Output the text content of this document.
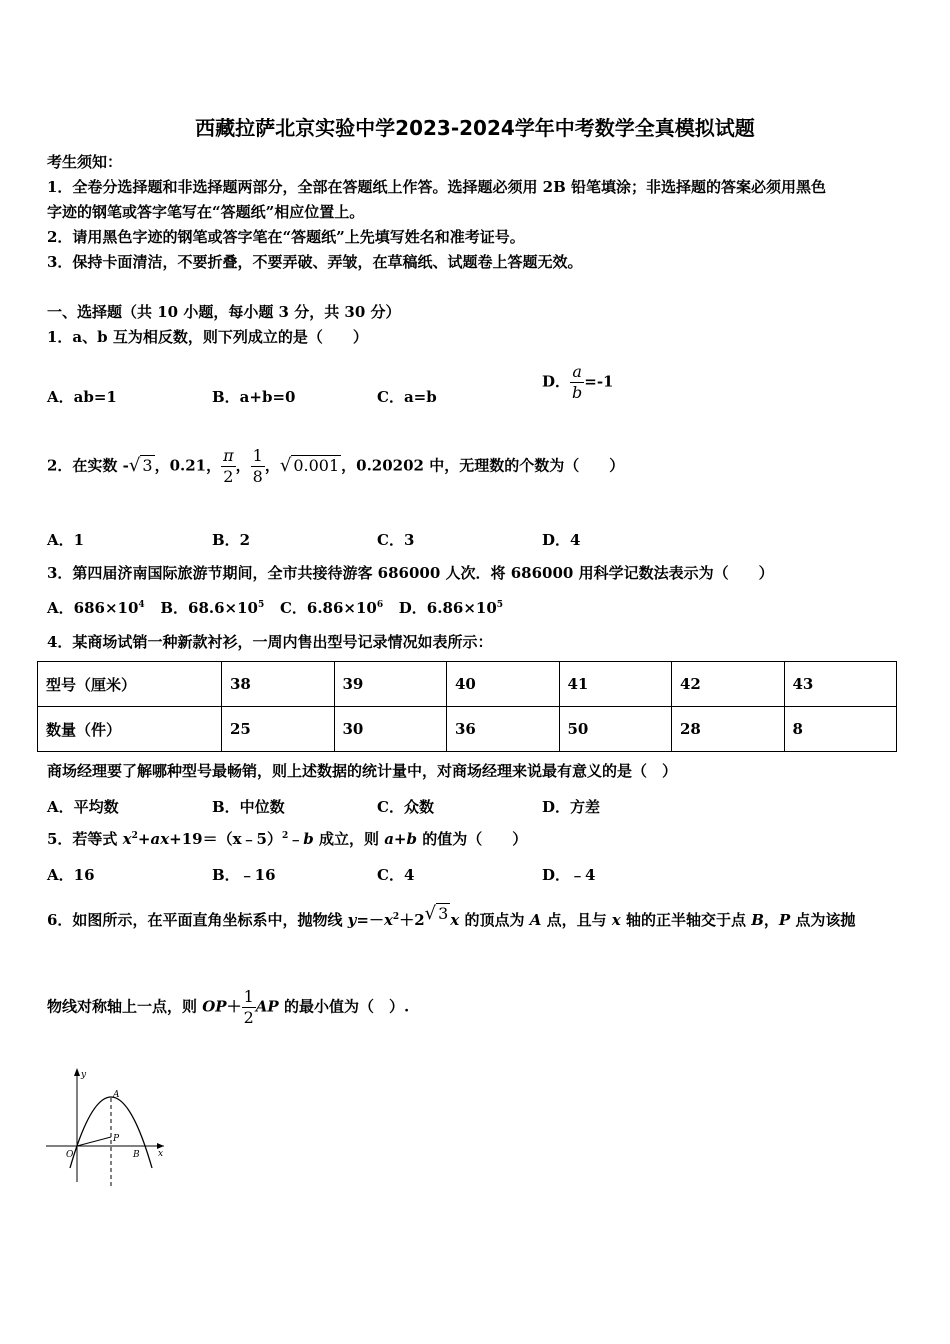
西藏拉萨北京实验中学2023-2024学年中考数学全真模拟试题
考生须知：
1．全卷分选择题和非选择题两部分，全部在答题纸上作答。选择题必须用 2B 铅笔填涂；非选择题的答案必须用黑色
字迹的钢笔或答字笔写在“答题纸”相应位置上。
2．请用黑色字迹的钢笔或答字笔在“答题纸”上先填写姓名和准考证号。
3．保持卡面清洁，不要折叠，不要弄破、弄皱，在草稿纸、试题卷上答题无效。
一、选择题（共 10 小题，每小题 3 分，共 30 分）
1．a、b 互为相反数，则下列成立的是（　　）
A．ab=1	B．a+b=0	C．a=b
D． $\frac{a}{b} =-1$
2．在实数 -√ 3 ，0.21， $\frac{\pi}{2}$ ， $\frac{1}{8}$ ，√ 0.001 ，0.20202 中，无理数的个数为（　　）
A．1	B．2	C．3	D．4
3．第四届济南国际旅游节期间，全市共接待游客 686000 人次．将 686000 用科学记数法表示为（　　）
A．$686\times 10^4$ B．$68.6\times 10^5$ C．$6.86\times 10^6$ D．$6.86\times 10^5$
4．某商场试销一种新款衬衫，一周内售出型号记录情况如表所示：
型号（厘米）	38	39	40	41	42	43
数量（件）	25	30	36	50	28	8
商场经理要了解哪种型号最畅销，则上述数据的统计量中，对商场经理来说最有意义的是（　）
A．平均数	B．中位数	C．众数	D．方差
5．若等式 $x^2+ax+19=(x﹣5)^2﹣b$ 成立，则 a+b 的值为（　　）
A．16	B．﹣16	C．4	D．﹣4
6．如图所示，在平面直角坐标系中，抛物线 $y=-x^2+2√$ 3 x 的顶点为 A 点，且与 x 轴的正半轴交于点 B，P 点为该抛
物线对称轴上一点，则 $OP+ \frac{1}{2}$ AP 的最小值为（　）.
y
x
A
P
O	B
